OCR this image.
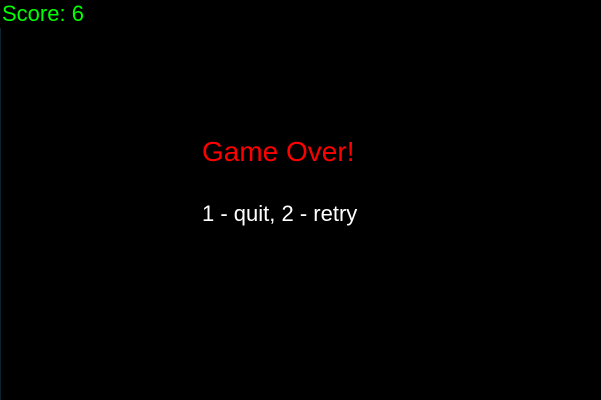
Score: 6
Game Over!
1 - quit, 2 - retry
